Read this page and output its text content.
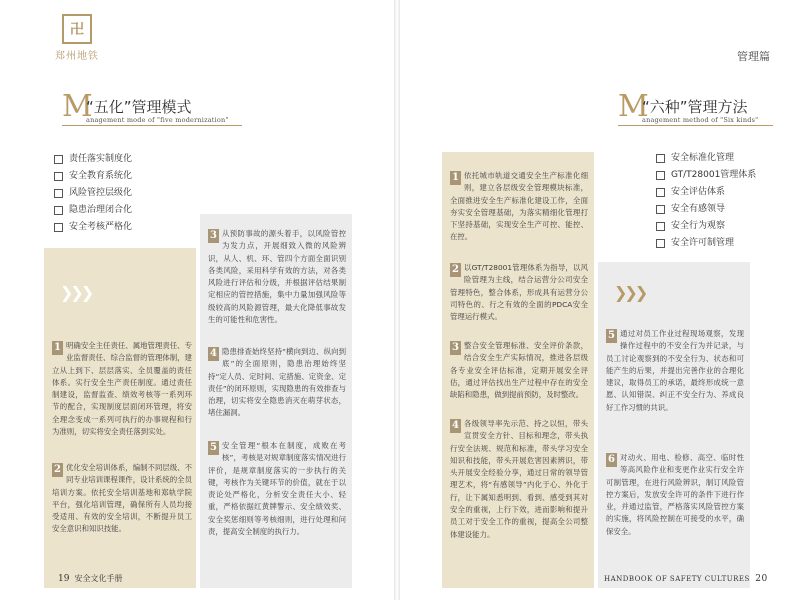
卍
郑州地铁
M
“五化”管理模式
anagement mode of "five modernization"
责任落实制度化
安全教育系统化
风险管控层级化
隐患治理闭合化
安全考核严格化
❯❯❯
1 明确安全主任责任、属地管理责任、专业监督责任、综合监督的管理体制，建立从上到下、层层落实、全员覆盖的责任体系。实行安全生产责任制度。通过责任制建设，监督监查、绩效考核等一系列环节的配合，实现制度层面闭环管理，将安全理念变成一系列可执行的办事规程和行为准则，切实将安全责任落到实处。
2 优化安全培训体系，编制不同层级、不同专业培训课程课件，设计系统的全员培训方案。依托安全培训基地和郑轨学院平台，强化培训管理，确保所有人员均接受适用、有效的安全培训，不断提升员工安全意识和知识技能。
3 从预防事故的源头着手，以风险管控为发力点，开展细致入微的风险辨识，从人、机、环、管四个方面全面识别各类风险，采用科学有效的方法，对各类风险进行评估和分级，并根据评估结果制定相应的管控措施，集中力量加强风险等级较高的风险源管理，最大化降低事故发生的可能性和危害性。
4 隐患排查始终坚持“横向到边、纵向到底”的全面原则，隐患治理始终坚持“定人员、定时间、定措施、定资金、定责任”的闭环原则，实现隐患的有效排查与治理，切实将安全隐患消灭在萌芽状态，堵住漏洞。
5 安全管理“根本在制度，成败在考核”，考核是对规章制度落实情况进行评价，是规章制度落实的一步执行的关键，考核作为关键环节的价值，就在于以责论处严格化，分析安全责任大小、轻重，严格依据红黄牌警示、安全绩效奖、安全奖惩细则等考核细则，进行处理和问责，提高安全制度的执行力。
19 安全文化手册
管理篇
M
“六种”管理方法
anagement method of "Six kinds"
安全标准化管理
GT/T28001管理体系
安全评估体系
安全有感领导
安全行为观察
安全许可制管理
1 依托城市轨道交通安全生产标准化细则，建立各层级安全管理模块标准，全面推进安全生产标准化建设工作，全面夯实安全管理基础，为落实精细化管理打下坚持基础，实现安全生产可控、能控、在控。
2 以GT/T28001管理体系为指导，以风险管理为主线，结合运营分公司安全管理特色，整合体系，形成具有运营分公司特色的、行之有效的全面的PDCA安全管理运行模式。
3 整合安全管理标准、安全评价条款，结合安全生产实际情况，推进各层级各专业安全评估标准，定期开展安全评估，通过评估找出生产过程中存在的安全缺陷和隐患，做到提前预防，及时整改。
4 各级领导率先示范、持之以恒，带头宣贯安全方针、目标和理念，带头执行安全法规、规范和标准，带头学习安全知识和技能，带头开展危害因素辨识，带头开展安全经验分享，通过日常的领导管理艺术，将“有感领导”内化于心、外化于行，让下属知悉明到、看到、感受到其对安全的重视，上行下效，进而影响和提升员工对于安全工作的重视，提高全公司整体建设能力。
❯❯❯
5 通过对员工作业过程现场观察，发现操作过程中的不安全行为并记录，与员工讨论观察到的不安全行为、状态和可能产生的后果，并提出完善作业的合理化建议，取得员工的承诺，最终形成统一意愿、认知错误、纠正不安全行为、养成良好工作习惯的共识。
6 对动火、用电、检修、高空、临时性等高风险作业和变更作业实行安全许可制管理，在进行风险辨识，制订风险管控方案后，发放安全许可的条件下进行作业，并通过监管，严格落实风险管控方案的实施，将风险控制在可接受的水平，确保安全。
HANDBOOK OF SAFETY CULTURES 20
